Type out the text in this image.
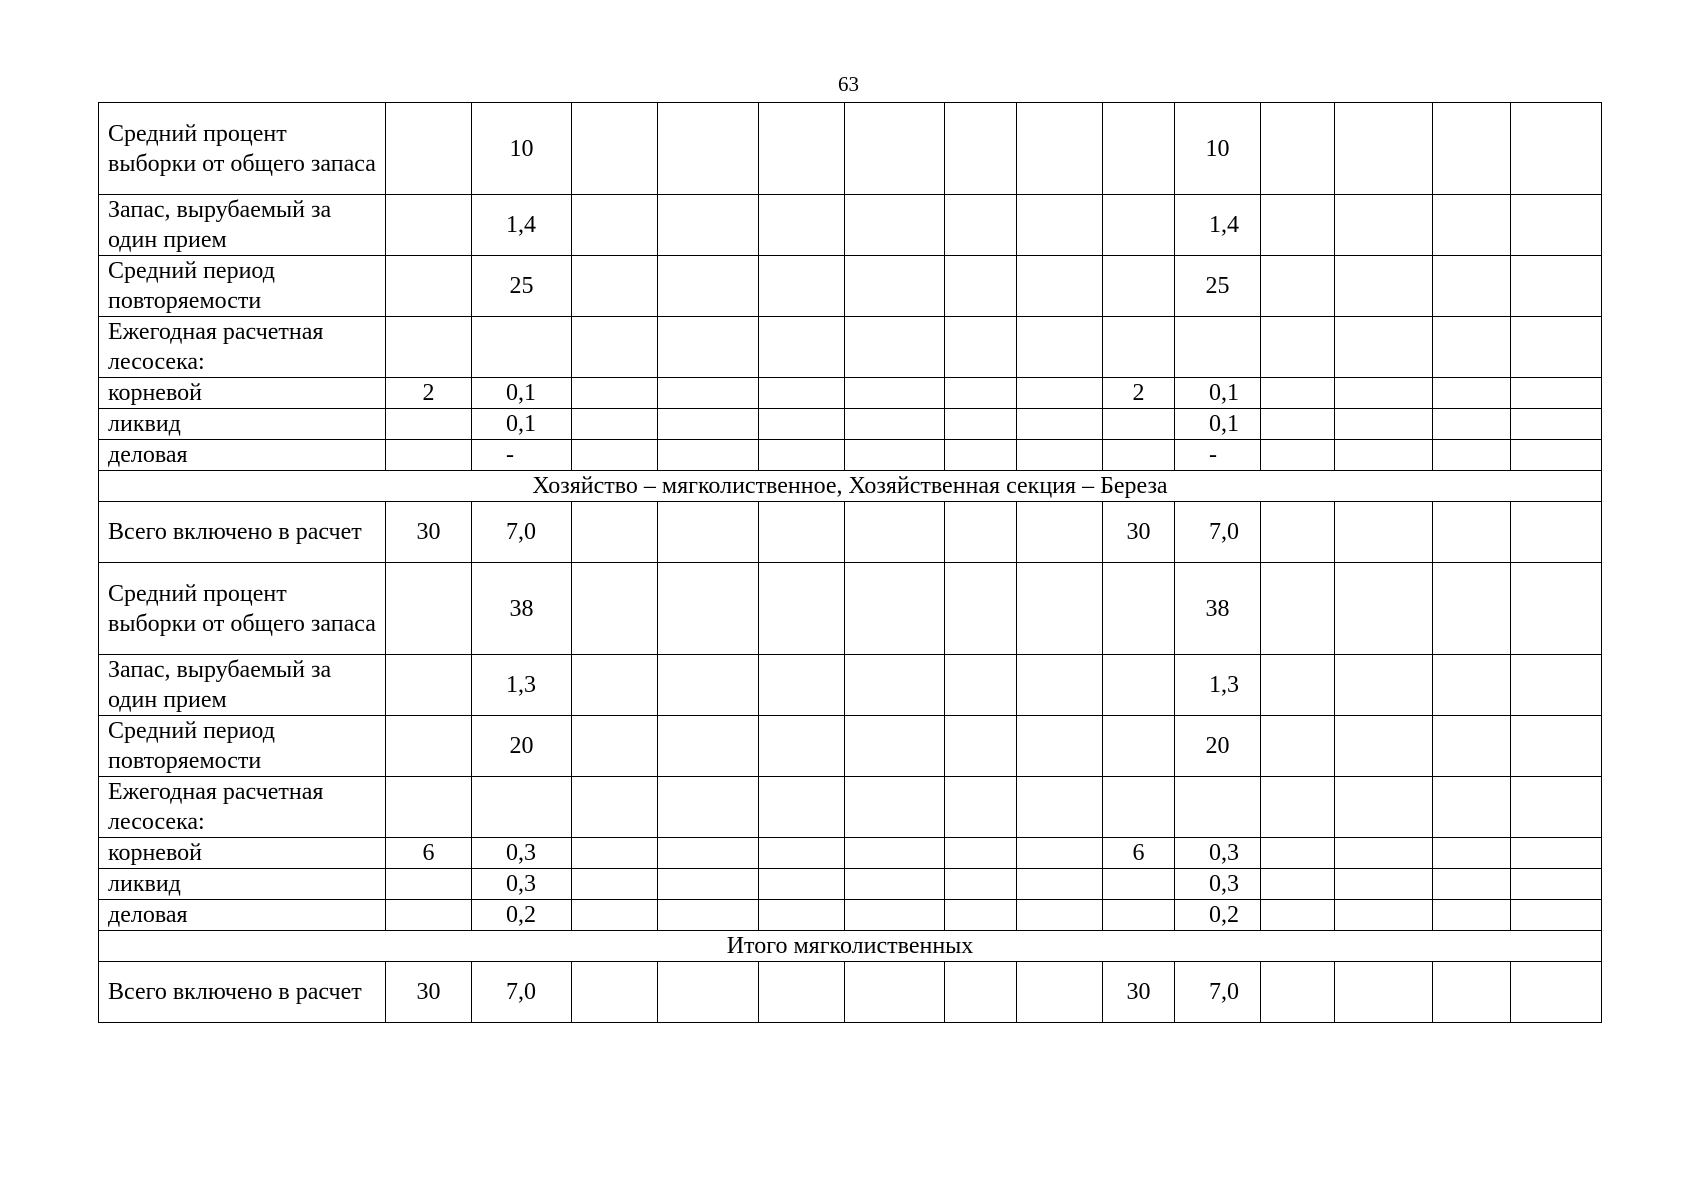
63
Средний процент выборки от общего запаса		10								10				
Запас, вырубаемый за один прием		1,4								1,4				
Средний период повторяемости		25								25				
Ежегодная расчетная лесосека:														
корневой	2	0,1							2	0,1				
ликвид		0,1								0,1				
деловая		-								-				
Хозяйство – мягколиственное, Хозяйственная секция – Береза														
Всего включено в расчет	30	7,0							30	7,0				
Средний процент выборки от общего запаса		38								38				
Запас, вырубаемый за один прием		1,3								1,3				
Средний период повторяемости		20								20				
Ежегодная расчетная лесосека:														
корневой	6	0,3							6	0,3				
ликвид		0,3								0,3				
деловая		0,2								0,2				
Итого мягколиственных														
Всего включено в расчет	30	7,0							30	7,0				
